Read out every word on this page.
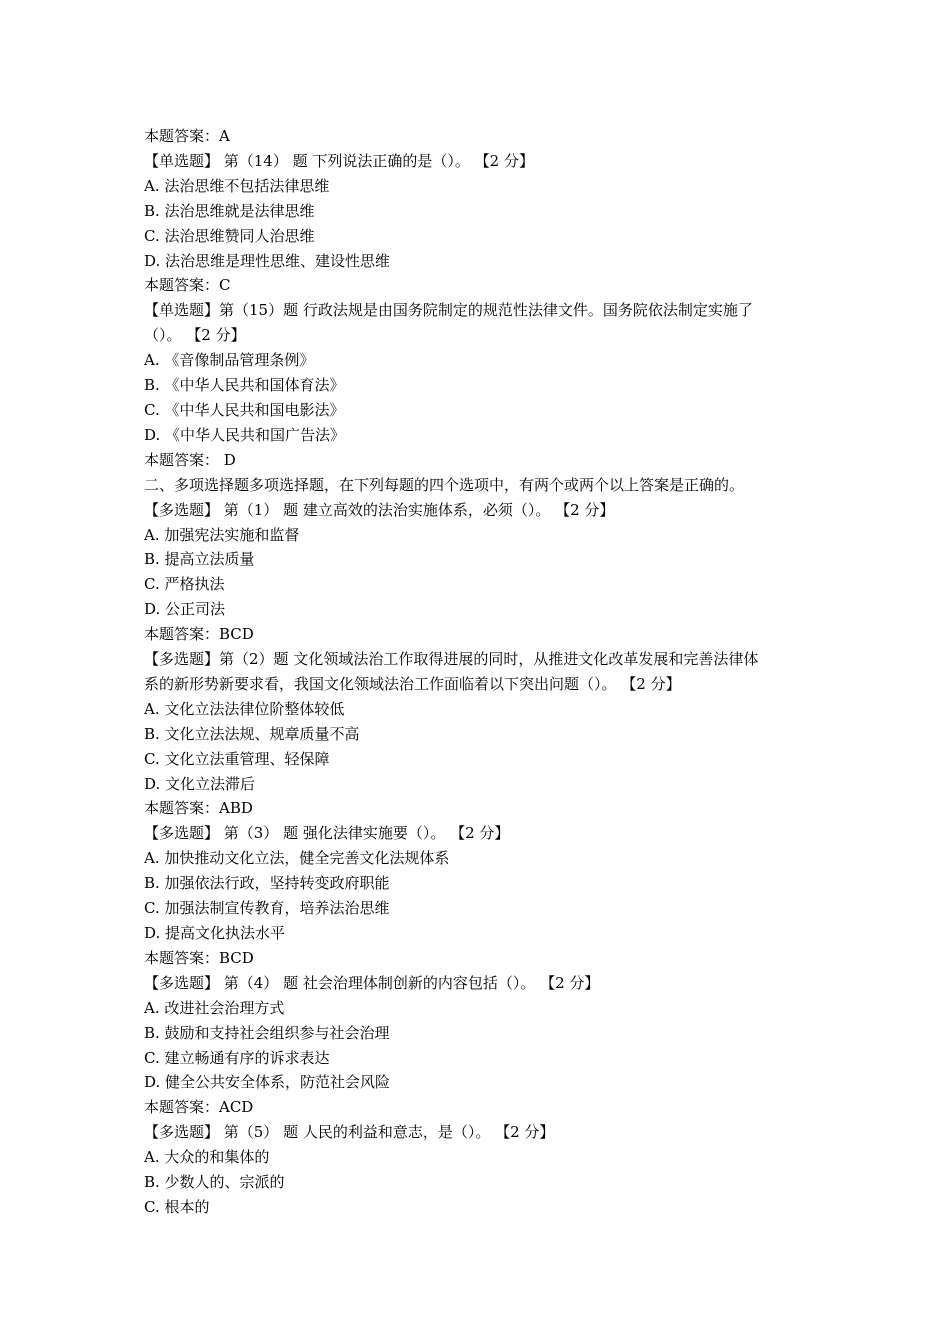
本题答案：A
【单选题】 第（14） 题 下列说法正确的是（）。 【2 分】
A. 法治思维不包括法律思维
B. 法治思维就是法律思维
C. 法治思维赞同人治思维
D. 法治思维是理性思维、建设性思维
本题答案：C
【单选题】第（15）题 行政法规是由国务院制定的规范性法律文件。国务院依法制定实施了
（）。 【2 分】
A. 《音像制品管理条例》
B. 《中华人民共和国体育法》
C. 《中华人民共和国电影法》
D. 《中华人民共和国广告法》
本题答案： D
二、多项选择题多项选择题，在下列每题的四个选项中，有两个或两个以上答案是正确的。
【多选题】 第（1） 题 建立高效的法治实施体系，必须（）。 【2 分】
A. 加强宪法实施和监督
B. 提高立法质量
C. 严格执法
D. 公正司法
本题答案：BCD
【多选题】第（2）题 文化领域法治工作取得进展的同时，从推进文化改革发展和完善法律体
系的新形势新要求看，我国文化领域法治工作面临着以下突出问题（）。 【2 分】
A. 文化立法法律位阶整体较低
B. 文化立法法规、规章质量不高
C. 文化立法重管理、轻保障
D. 文化立法滞后
本题答案：ABD
【多选题】 第（3） 题 强化法律实施要（）。 【2 分】
A. 加快推动文化立法，健全完善文化法规体系
B. 加强依法行政，坚持转变政府职能
C. 加强法制宣传教育，培养法治思维
D. 提高文化执法水平
本题答案：BCD
【多选题】 第（4） 题 社会治理体制创新的内容包括（）。 【2 分】
A. 改进社会治理方式
B. 鼓励和支持社会组织参与社会治理
C. 建立畅通有序的诉求表达
D. 健全公共安全体系，防范社会风险
本题答案：ACD
【多选题】 第（5） 题 人民的利益和意志，是（）。 【2 分】
A. 大众的和集体的
B. 少数人的、宗派的
C. 根本的
